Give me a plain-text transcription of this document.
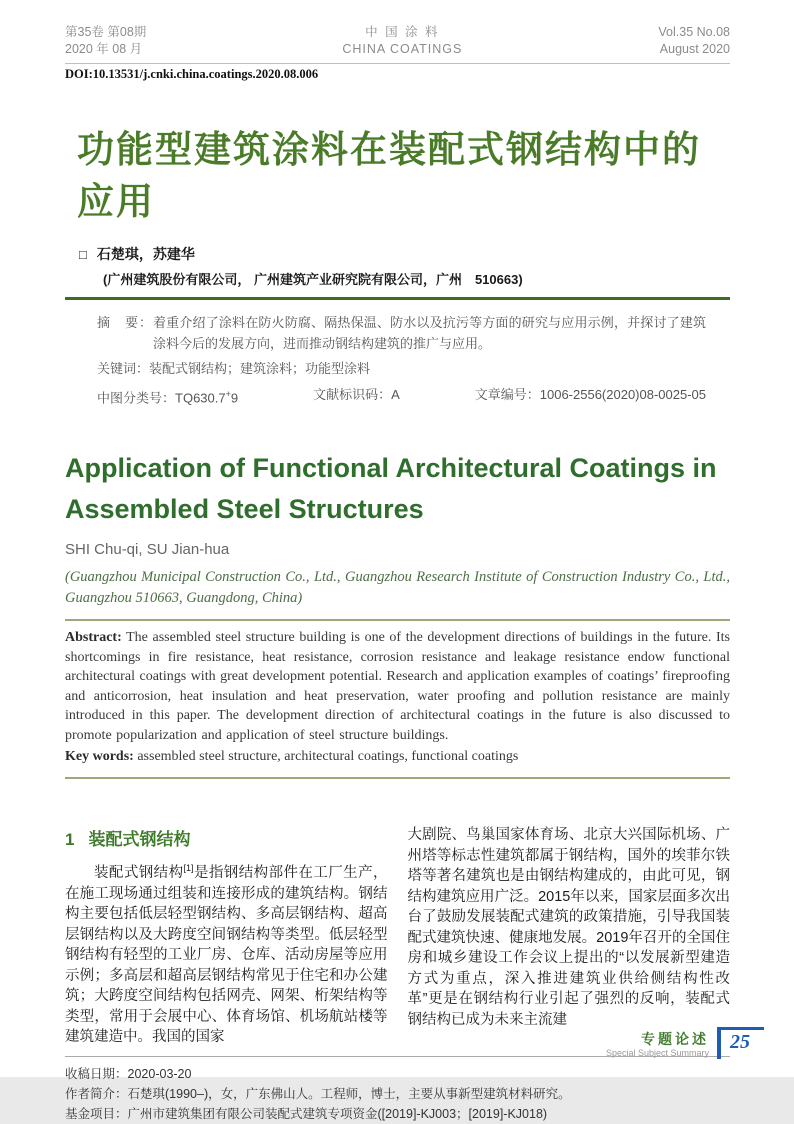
第35卷 第08期
2020 年 08 月
中 国 涂 料
CHINA COATINGS
Vol.35 No.08
August 2020
DOI:10.13531/j.cnki.china.coatings.2020.08.006
功能型建筑涂料在装配式钢结构中的应用
□ 石楚琪，苏建华
(广州建筑股份有限公司， 广州建筑产业研究院有限公司，广州　510663)
摘　要： 着重介绍了涂料在防火防腐、隔热保温、防水以及抗污等方面的研究与应用示例，并探讨了建筑涂料今后的发展方向，进而推动钢结构建筑的推广与应用。
关键词：装配式钢结构；建筑涂料；功能型涂料
中图分类号：TQ630.7+9	文献标识码：A	文章编号：1006-2556(2020)08-0025-05
Application of Functional Architectural Coatings in
Assembled Steel Structures
SHI Chu-qi, SU Jian-hua
(Guangzhou Municipal Construction Co., Ltd., Guangzhou Research Institute of Construction Industry Co., Ltd., Guangzhou 510663, Guangdong, China)
Abstract: The assembled steel structure building is one of the development directions of buildings in the future. Its shortcomings in fire resistance, heat resistance, corrosion resistance and leakage resistance endow functional architectural coatings with great development potential. Research and application examples of coatings’ fireproofing and anticorrosion, heat insulation and heat preservation, water proofing and pollution resistance are mainly introduced in this paper. The development direction of architectural coatings in the future is also discussed to promote popularization and application of steel structure buildings.
Key words: assembled steel structure, architectural coatings, functional coatings
1 装配式钢结构

装配式钢结构[1]是指钢结构部件在工厂生产，在施工现场通过组装和连接形成的建筑结构。钢结构主要包括低层轻型钢结构、多高层钢结构、超高层钢结构以及大跨度空间钢结构等类型。低层轻型钢结构有轻型的工业厂房、仓库、活动房屋等应用示例；多高层和超高层钢结构常见于住宅和办公建筑；大跨度空间结构包括网壳、网架、桁架结构等类型，常用于会展中心、体育场馆、机场航站楼等建筑建造中。我国的国家

大剧院、鸟巢国家体育场、北京大兴国际机场、广州塔等标志性建筑都属于钢结构，国外的埃菲尔铁塔等著名建筑也是由钢结构建成的，由此可见，钢结构建筑应用广泛。2015年以来，国家层面多次出台了鼓励发展装配式建筑的政策措施，引导我国装配式建筑快速、健康地发展。2019年召开的全国住房和城乡建设工作会议上提出的“以发展新型建造方式为重点，深入推进建筑业供给侧结构性改革”更是在钢结构行业引起了强烈的反响，装配式钢结构已成为未来主流建

收稿日期：2020-03-20
作者简介：石楚琪(1990–)，女，广东佛山人。工程师，博士，主要从事新型建筑材料研究。
基金项目：广州市建筑集团有限公司装配式建筑专项资金([2019]-KJ003；[2019]-KJ018)
专题论述
Special Subject Summary	25
